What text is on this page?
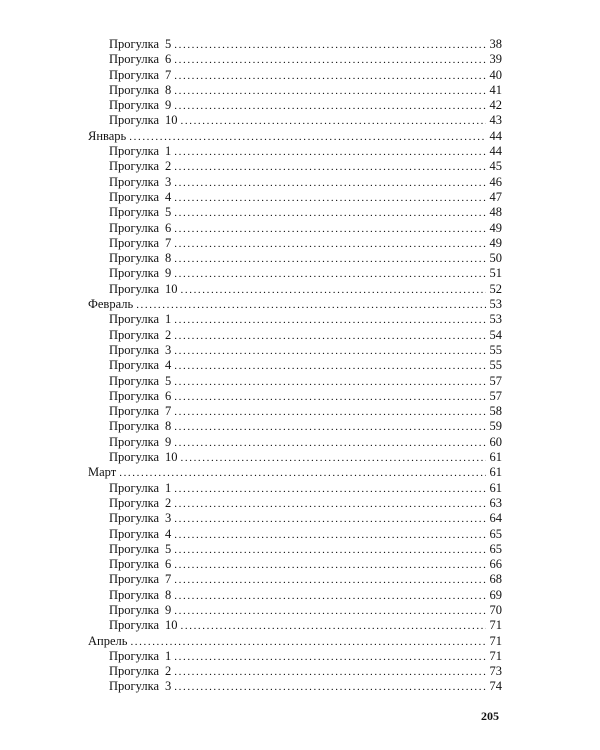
Прогулка 5 .....	38
Прогулка 6 .....	39
Прогулка 7 .....	40
Прогулка 8 .....	41
Прогулка 9 .....	42
Прогулка 10 .....	43
Январь .....	44
Прогулка 1 .....	44
Прогулка 2 .....	45
Прогулка 3 .....	46
Прогулка 4 .....	47
Прогулка 5 .....	48
Прогулка 6 .....	49
Прогулка 7 .....	49
Прогулка 8 .....	50
Прогулка 9 .....	51
Прогулка 10 .....	52
Февраль .....	53
Прогулка 1 .....	53
Прогулка 2 .....	54
Прогулка 3 .....	55
Прогулка 4 .....	55
Прогулка 5 .....	57
Прогулка 6 .....	57
Прогулка 7 .....	58
Прогулка 8 .....	59
Прогулка 9 .....	60
Прогулка 10 .....	61
Март .....	61
Прогулка 1 .....	61
Прогулка 2 .....	63
Прогулка 3 .....	64
Прогулка 4 .....	65
Прогулка 5 .....	65
Прогулка 6 .....	66
Прогулка 7 .....	68
Прогулка 8 .....	69
Прогулка 9 .....	70
Прогулка 10 .....	71
Апрель .....	71
Прогулка 1 .....	71
Прогулка 2 .....	73
Прогулка 3 .....	74
205
